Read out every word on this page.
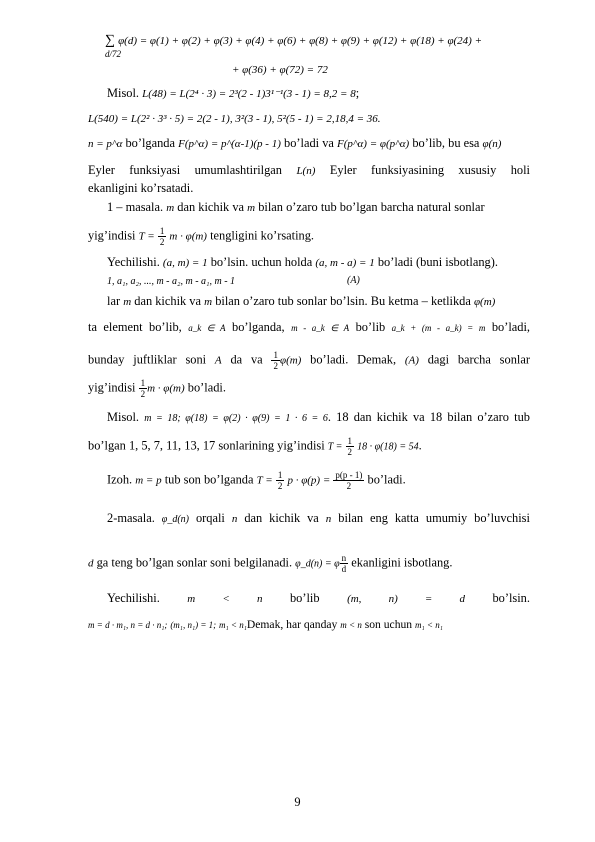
∑ φ(d) = φ(1) + φ(2) + φ(3) + φ(4) + φ(6) + φ(8) + φ(9) + φ(12) + φ(18) + φ(24) +
d/72
+ φ(36) + φ(72) = 72
Misol. L(48) = L(2⁴ · 3) = 2³(2 - 1)3¹⁻¹(3 - 1) = 8,2 = 8;
L(540) = L(2² · 3³ · 5) = 2(2 - 1), 3²(3 - 1), 5²(5 - 1) = 2,18,4 = 36.
n = p^α bo’lganda F(p^α) = p^(α-1)(p - 1) bo’ladi va F(p^α) = φ(p^α) bo’lib, bu esa φ(n)
Eyler funksiyasi umumlashtirilgan L(n) Eyler funksiyasining xususiy holi
ekanligini ko’rsatadi.
1 – masala. m dan kichik va m bilan o’zaro tub bo’lgan barcha natural sonlar
yig’indisi $T = \frac{1}{2}$ m · φ(m) tengligini ko’rsating.
Yechilishi. (a, m) = 1 bo’lsin. uchun holda (a, m - a) = 1 bo’ladi (buni isbotlang).
1, a₁, a₂, ..., m - a₂, m - a₁, m - 1	(A)
lar m dan kichik va m bilan o’zaro tub sonlar bo’lsin. Bu ketma – ketlikda φ(m)
ta element bo’lib, a_k ∈ A bo’lganda, m - a_k ∈ A bo’lib a_k + (m - a_k) = m bo’ladi,
bunday juftliklar soni A da va $\frac{1}{2} \varphi(m)$ bo’ladi. Demak, (A) dagi barcha sonlar
yig’indisi $\frac{1}{2}$ m · φ(m) bo’ladi.
Misol. m = 18; φ(18) = φ(2) · φ(9) = 1 · 6 = 6. 18 dan kichik va 18 bilan o’zaro tub
bo’lgan 1, 5, 7, 11, 13, 17 sonlarining yig’indisi $T = \frac{1}{2} 18 \cdot \varphi(18) = 54$.
Izoh. m = p tub son bo’lganda $T = \frac{1}{2}$ $p \cdot \varphi(p) = \frac{p(p - 1)}{2}$ bo’ladi.
2-masala. φ_d(n) orqali n dan kichik va n bilan eng katta umumiy bo’luvchisi
d ga teng bo’lgan sonlar soni belgilanadi. φ_d(n) = φ $\frac{n}{d}$ ekanligini isbotlang.
Yechilishi.	m < n bo’lib	(m, n) = d bo’lsin.
m = d · m₁, n = d · n₁; (m₁, n₁) = 1; m₁ < n₁Demak, har qanday m < n son uchun m₁ < n₁
9
